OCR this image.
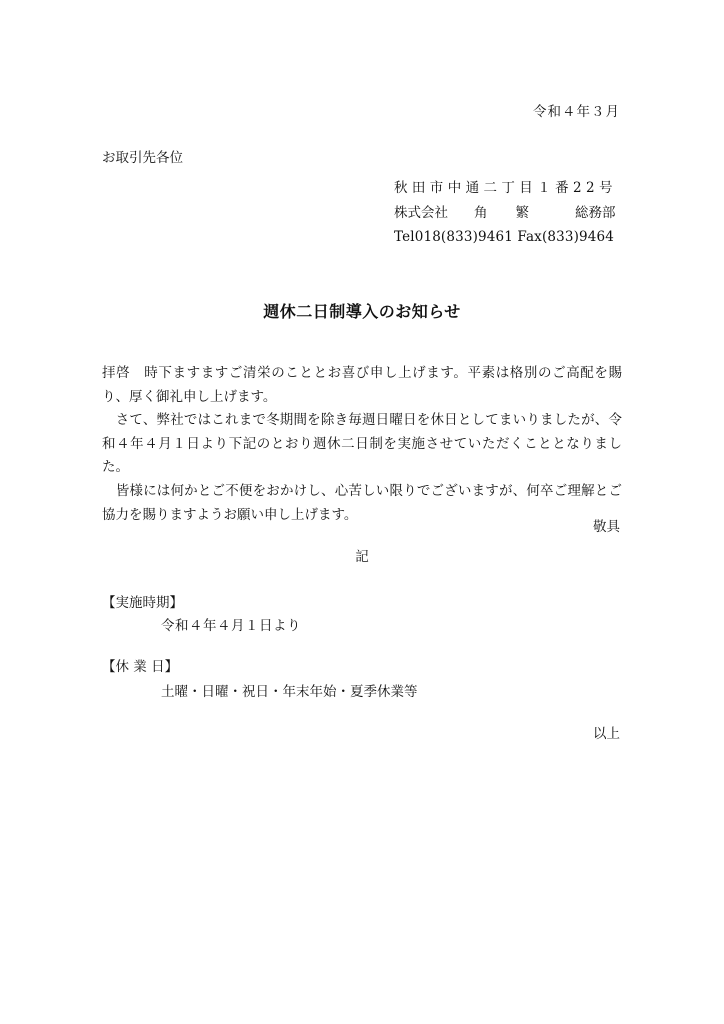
令和４年３月
お取引先各位
秋田市中通二丁目１番22号
株式会社 角 繁	総務部
Tel018(833)9461 Fax(833)9464
週休二日制導入のお知らせ

拝啓　時下ますますご清栄のこととお喜び申し上げます。平素は格別のご高配を賜り、厚く御礼申し上げます。

　さて、弊社ではこれまで冬期間を除き毎週日曜日を休日としてまいりましたが、令和４年４月１日より下記のとおり週休二日制を実施させていただくこととなりました。

　皆様には何かとご不便をおかけし、心苦しい限りでございますが、何卒ご理解とご協力を賜りますようお願い申し上げます。

敬具
記
【実施時期】
令和４年４月１日より
【休 業 日】
土曜・日曜・祝日・年末年始・夏季休業等
以上
